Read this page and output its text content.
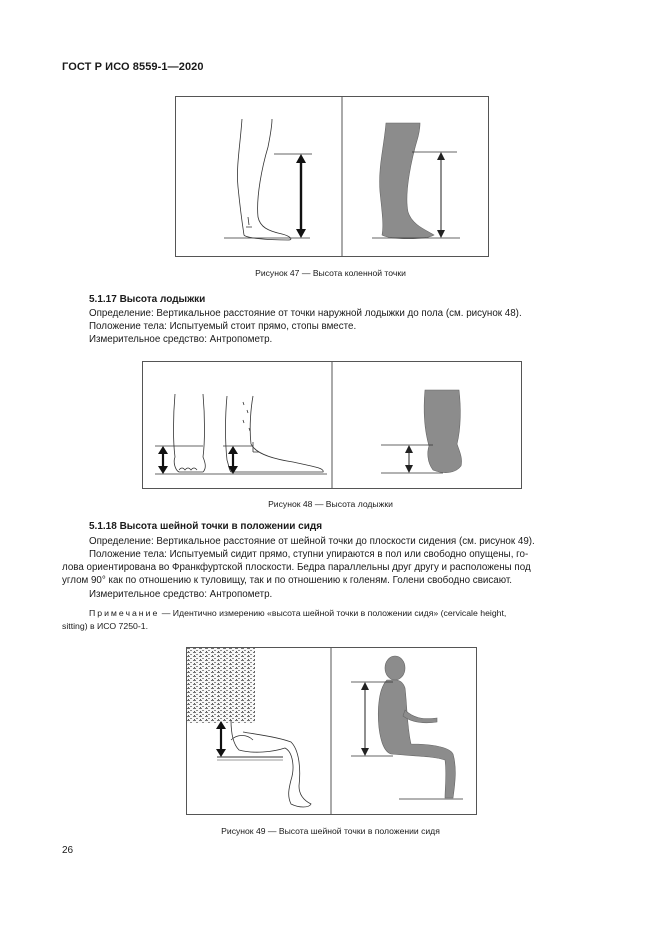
ГОСТ Р ИСО 8559-1—2020
Рисунок 47 — Высота коленной точки
5.1.17 Высота лодыжки
Определение: Вертикальное расстояние от точки наружной лодыжки до пола (см. рисунок 48).
Положение тела: Испытуемый стоит прямо, стопы вместе.
Измерительное средство: Антропометр.
Рисунок 48 — Высота лодыжки
5.1.18 Высота шейной точки в положении сидя
Определение: Вертикальное расстояние от шейной точки до плоскости сидения (см. рисунок 49).
Положение тела: Испытуемый сидит прямо, ступни упираются в пол или свободно опущены, го-
лова ориентирована во Франкфуртской плоскости. Бедра параллельны друг другу и расположены под
углом 90° как по отношению к туловищу, так и по отношению к голеням. Голени свободно свисают.
Измерительное средство: Антропометр.
Примечание — Идентично измерению «высота шейной точки в положении сидя» (cervicale height,
sitting) в ИСО 7250-1.
Рисунок 49 — Высота шейной точки в положении сидя
26
